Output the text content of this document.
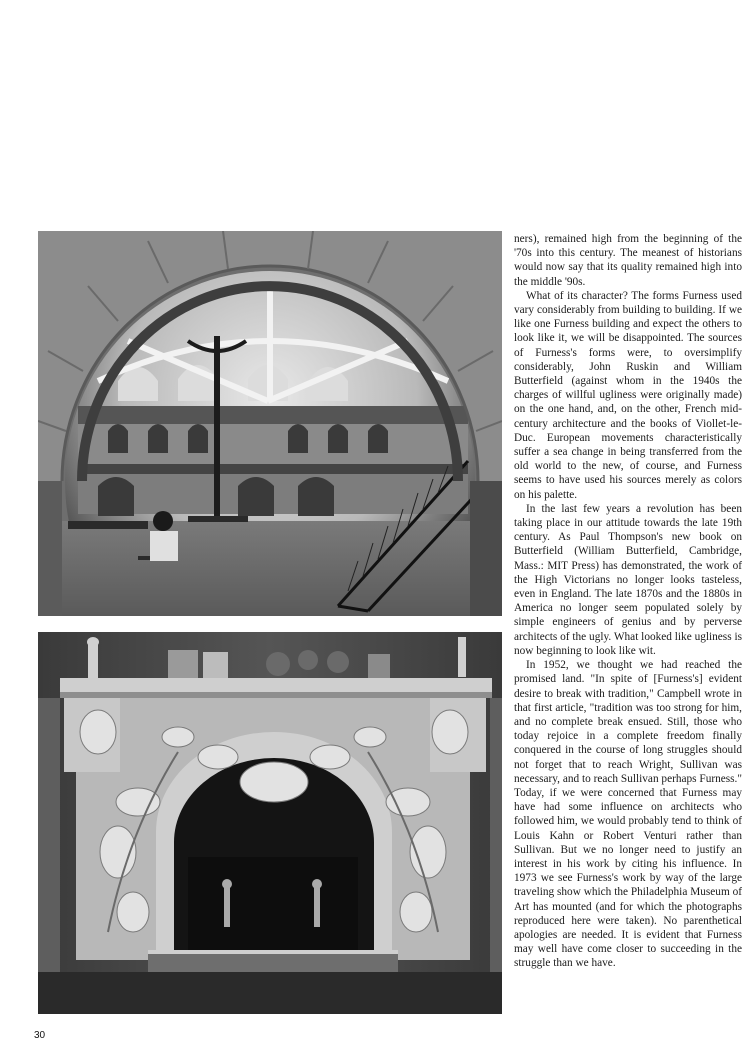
ners), remained high from the beginning of the '70s into this century. The meanest of historians would now say that its quality remained high into the middle '90s.

What of its character? The forms Furness used vary considerably from building to building. If we like one Furness building and expect the others to look like it, we will be disappointed. The sources of Furness's forms were, to oversimplify considerably, John Ruskin and William Butterfield (against whom in the 1940s the charges of willful ugliness were originally made) on the one hand, and, on the other, French mid-century architecture and the books of Viollet-le-Duc. European movements characteristically suffer a sea change in being transferred from the old world to the new, of course, and Furness seems to have used his sources merely as colors on his palette.

In the last few years a revolution has been taking place in our attitude towards the late 19th century. As Paul Thompson's new book on Butterfield (William Butterfield, Cambridge, Mass.: MIT Press) has demonstrated, the work of the High Victorians no longer looks tasteless, even in England. The late 1870s and the 1880s in America no longer seem populated solely by simple engineers of genius and by perverse architects of the ugly. What looked like ugliness is now beginning to look like wit.

In 1952, we thought we had reached the promised land. "In spite of [Furness's] evident desire to break with tradition," Campbell wrote in that first article, "tradition was too strong for him, and no complete break ensued. Still, those who today rejoice in a complete freedom finally conquered in the course of long struggles should not forget that to reach Wright, Sullivan was necessary, and to reach Sullivan perhaps Furness." Today, if we were concerned that Furness may have had some influence on architects who followed him, we would probably tend to think of Louis Kahn or Robert Venturi rather than Sullivan. But we no longer need to justify an interest in his work by citing his influence. In 1973 we see Furness's work by way of the large traveling show which the Philadelphia Museum of Art has mounted (and for which the photographs reproduced here were taken). No parenthetical apologies are needed. It is evident that Furness may well have come closer to succeeding in the struggle than we have.

30
